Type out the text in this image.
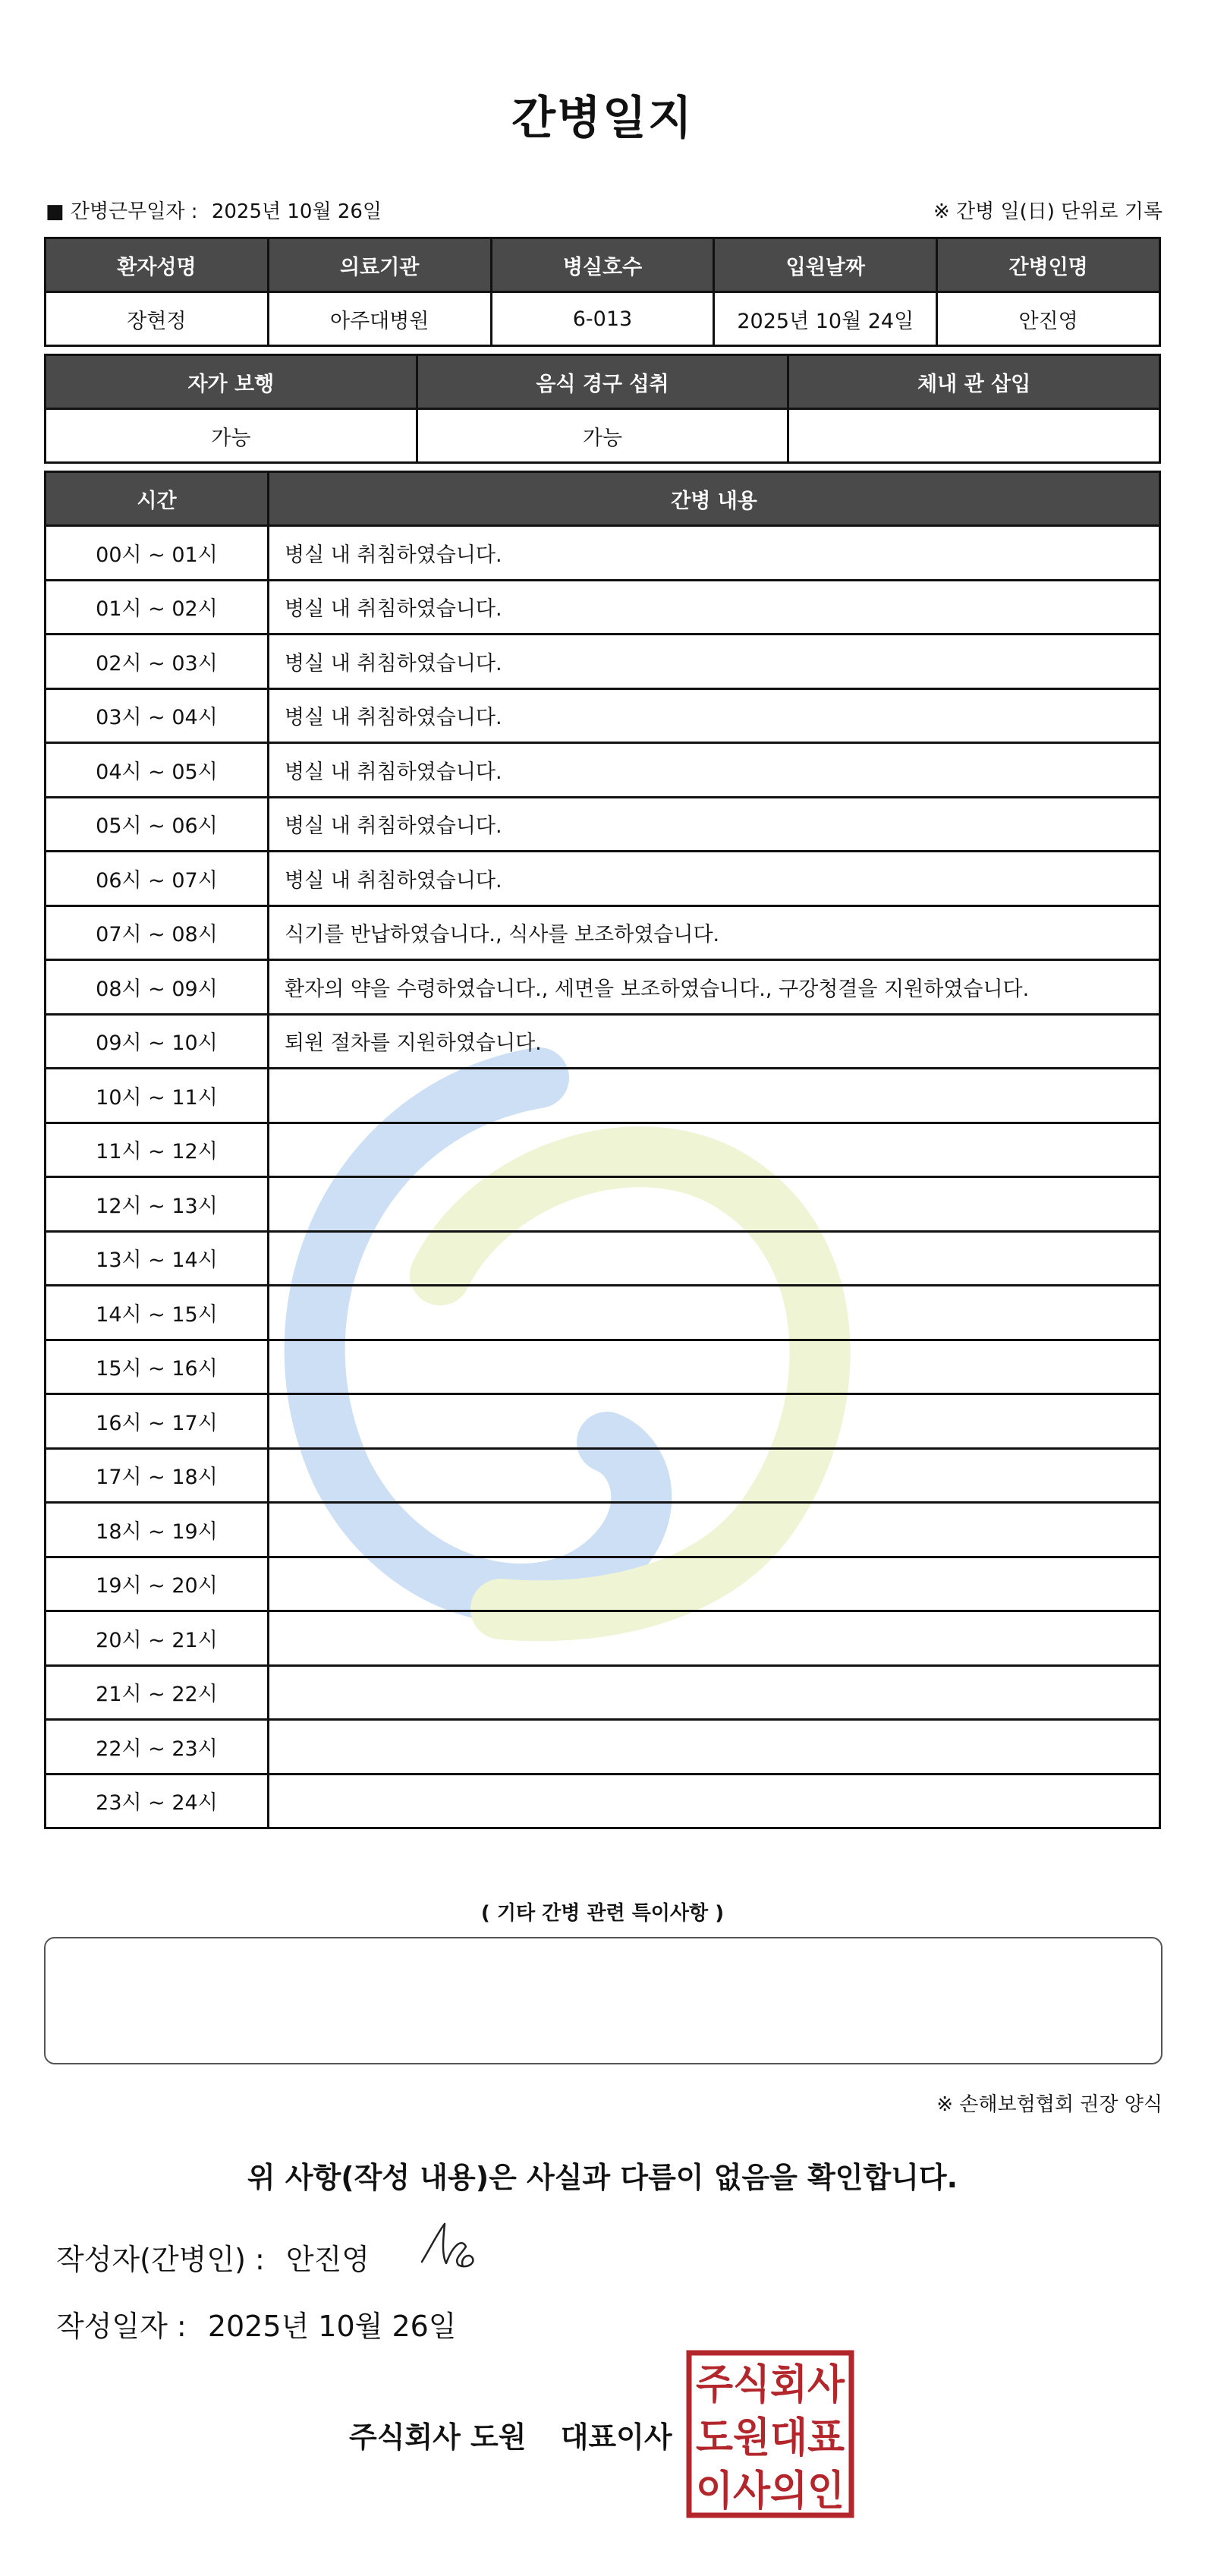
간병일지
■ 간병근무일자 : 2025년 10월 26일	※ 간병 일(日) 단위로 기록
환자성명	의료기관	병실호수	입원날짜	간병인명
장현정	아주대병원	6-013	2025년 10월 24일	안진영
자가 보행	음식 경구 섭취	체내 관 삽입
가능	가능	
시간	간병 내용
00시 ~ 01시	병실 내 취침하였습니다.
01시 ~ 02시	병실 내 취침하였습니다.
02시 ~ 03시	병실 내 취침하였습니다.
03시 ~ 04시	병실 내 취침하였습니다.
04시 ~ 05시	병실 내 취침하였습니다.
05시 ~ 06시	병실 내 취침하였습니다.
06시 ~ 07시	병실 내 취침하였습니다.
07시 ~ 08시	식기를 반납하였습니다., 식사를 보조하였습니다.
08시 ~ 09시	환자의 약을 수령하였습니다., 세면을 보조하였습니다., 구강청결을 지원하였습니다.
09시 ~ 10시	퇴원 절차를 지원하였습니다.
10시 ~ 11시	
11시 ~ 12시	
12시 ~ 13시	
13시 ~ 14시	
14시 ~ 15시	
15시 ~ 16시	
16시 ~ 17시	
17시 ~ 18시	
18시 ~ 19시	
19시 ~ 20시	
20시 ~ 21시	
21시 ~ 22시	
22시 ~ 23시	
23시 ~ 24시	
( 기타 간병 관련 특이사항 )
※ 손해보험협회 권장 양식
위 사항(작성 내용)은 사실과 다름이 없음을 확인합니다.
작성자(간병인) : 안진영
작성일자 : 2025년 10월 26일
주식회사 도원 대표이사
주식회사
도원대표
이사의인
